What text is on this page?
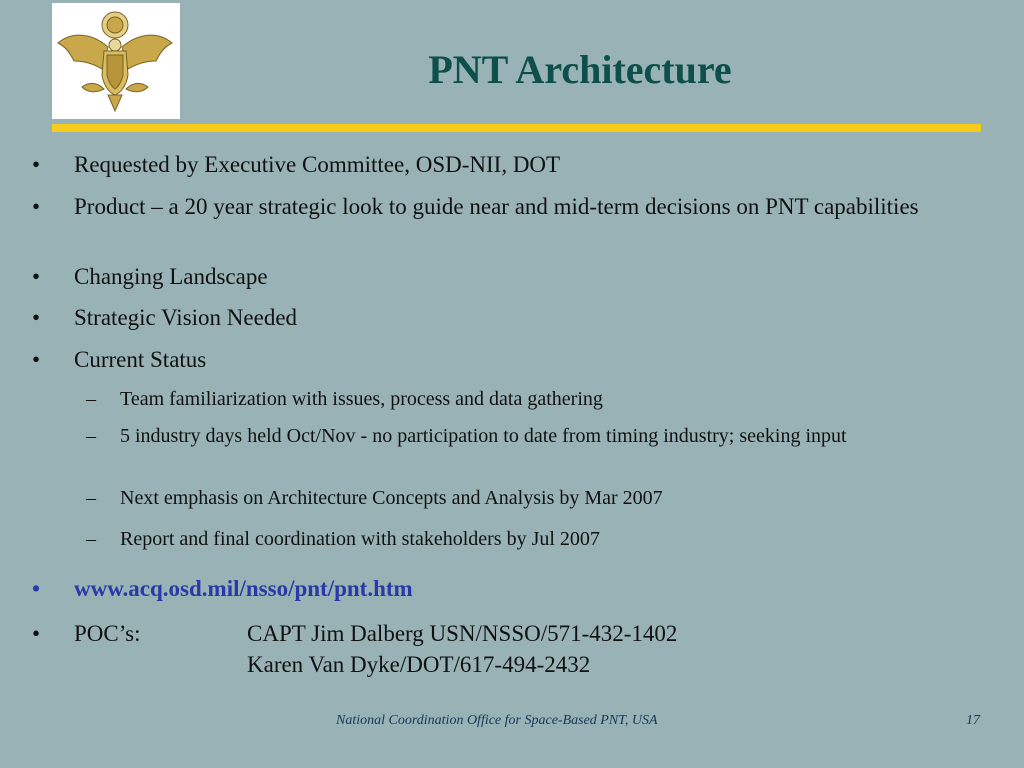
PNT Architecture
•	Requested by Executive Committee, OSD-NII, DOT
•	Product – a 20 year strategic look to guide near and mid-term decisions on PNT capabilities
•	Changing Landscape
•	Strategic Vision Needed
•	Current Status
– Team familiarization with issues, process and data gathering
– 5 industry days held Oct/Nov - no participation to date from timing industry; seeking input
– Next emphasis on Architecture Concepts and Analysis by Mar 2007
– Report and final coordination with stakeholders by Jul 2007
•	www.acq.osd.mil/nsso/pnt/pnt.htm
•	POC’s:	CAPT Jim Dalberg USN/NSSO/571-432-1402
Karen Van Dyke/DOT/617-494-2432
National Coordination Office for Space-Based PNT, USA	17
